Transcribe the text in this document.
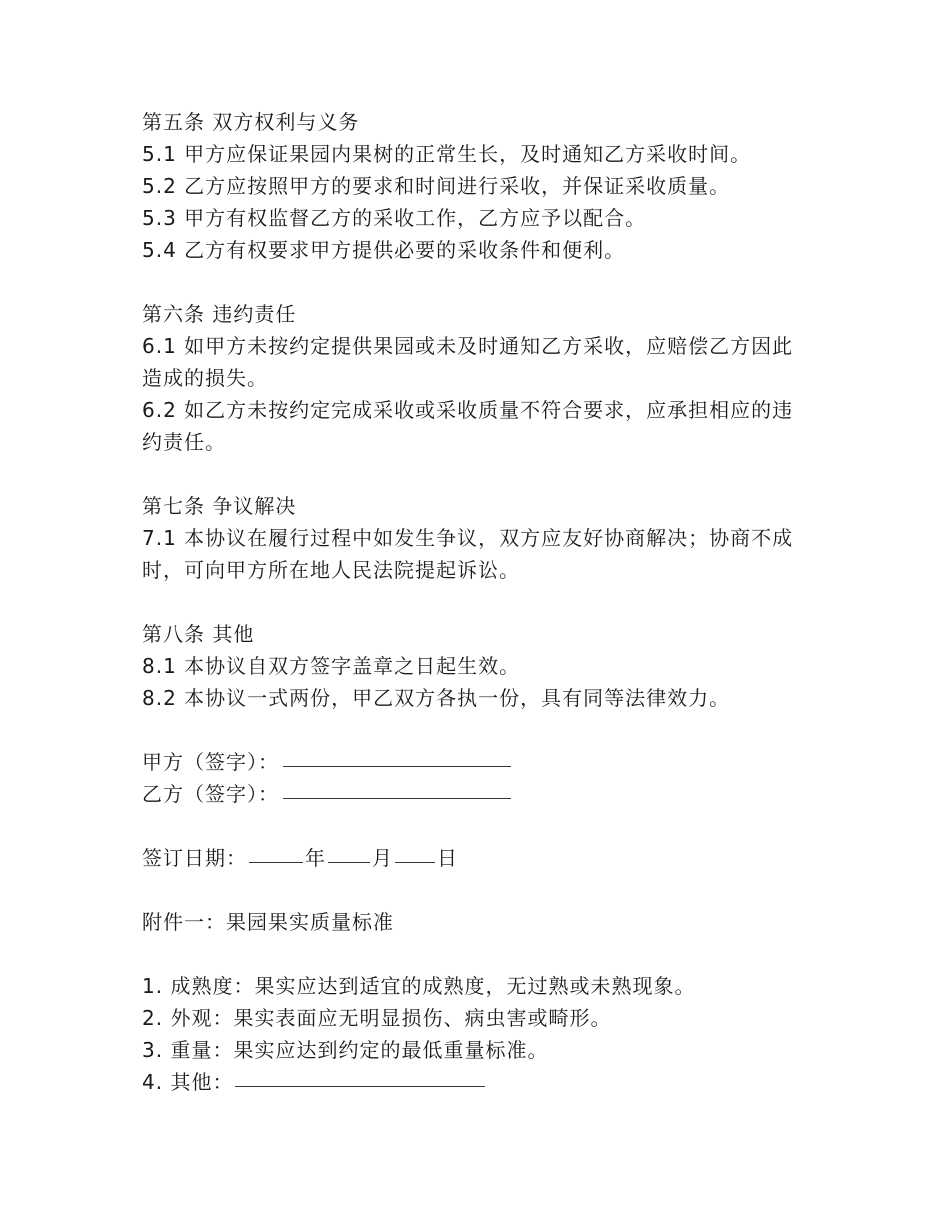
第五条 双方权利与义务

5.1 甲方应保证果园内果树的正常生长，及时通知乙方采收时间。

5.2 乙方应按照甲方的要求和时间进行采收，并保证采收质量。

5.3 甲方有权监督乙方的采收工作，乙方应予以配合。

5.4 乙方有权要求甲方提供必要的采收条件和便利。

第六条 违约责任

6.1 如甲方未按约定提供果园或未及时通知乙方采收，应赔偿乙方因此造成的损失。

6.2 如乙方未按约定完成采收或采收质量不符合要求，应承担相应的违约责任。

第七条 争议解决

7.1 本协议在履行过程中如发生争议，双方应友好协商解决；协商不成时，可向甲方所在地人民法院提起诉讼。

第八条 其他

8.1 本协议自双方签字盖章之日起生效。

8.2 本协议一式两份，甲乙双方各执一份，具有同等法律效力。

甲方（签字）：
乙方（签字）：
签订日期：	年 月 日

附件一：果园果实质量标准

1. 成熟度：果实应达到适宜的成熟度，无过熟或未熟现象。

2. 外观：果实表面应无明显损伤、病虫害或畸形。

3. 重量：果实应达到约定的最低重量标准。

4. 其他：
